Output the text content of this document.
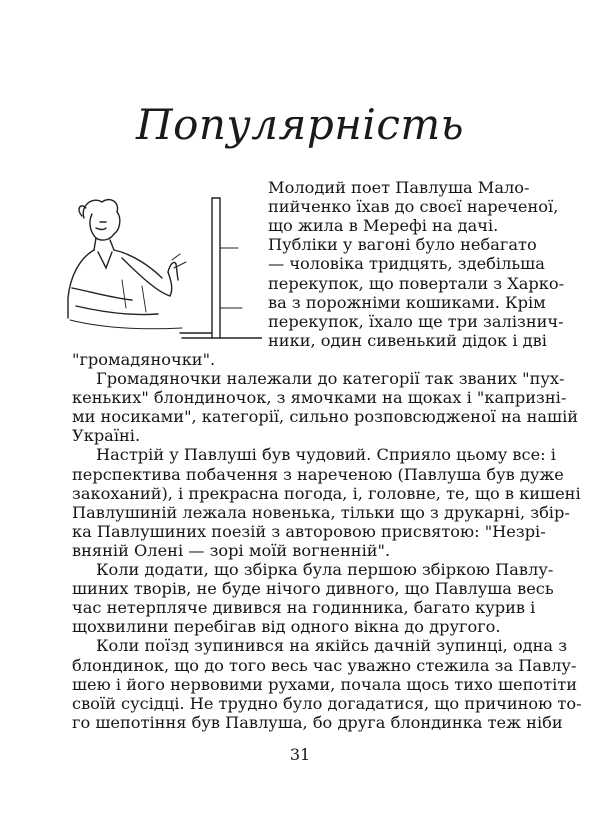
Популярність
Молодий поет Павлуша Мало-
пийченко їхав до своєї нареченої,
що жила в Мерефі на дачі.
Публіки у вагоні було небагато
— чоловіка тридцять, здебільша
перекупок, що повертали з Харко-
ва з порожніми кошиками. Крім
перекупок, їхало ще три залізнич-
ники, один сивенький дідок і дві
"громадяночки".
Громадяночки належали до категорії так званих "пух-
кеньких" блондиночок, з ямочками на щоках і "капризні-
ми носиками", категорії, сильно розповсюдженої на нашій
Україні.
Настрій у Павлуші був чудовий. Сприяло цьому все: і
перспектива побачення з нареченою (Павлуша був дуже
закоханий), і прекрасна погода, і, головне, те, що в кишені
Павлушиній лежала новенька, тільки що з друкарні, збір-
ка Павлушиних поезій з авторовою присвятою: "Незрі-
вняній Олені — зорі моїй вогненній".
Коли додати, що збірка була першою збіркою Павлу-
шиних творів, не буде нічого дивного, що Павлуша весь
час нетерпляче дивився на годинника, багато курив і
щохвилини перебігав від одного вікна до другого.
Коли поїзд зупинився на якійсь дачній зупинці, одна з
блондинок, що до того весь час уважно стежила за Павлу-
шею і його нервовими рухами, почала щось тихо шепотіти
своїй сусідці. Не трудно було догадатися, що причиною то-
го шепотіння був Павлуша, бо друга блондинка теж ніби
31
